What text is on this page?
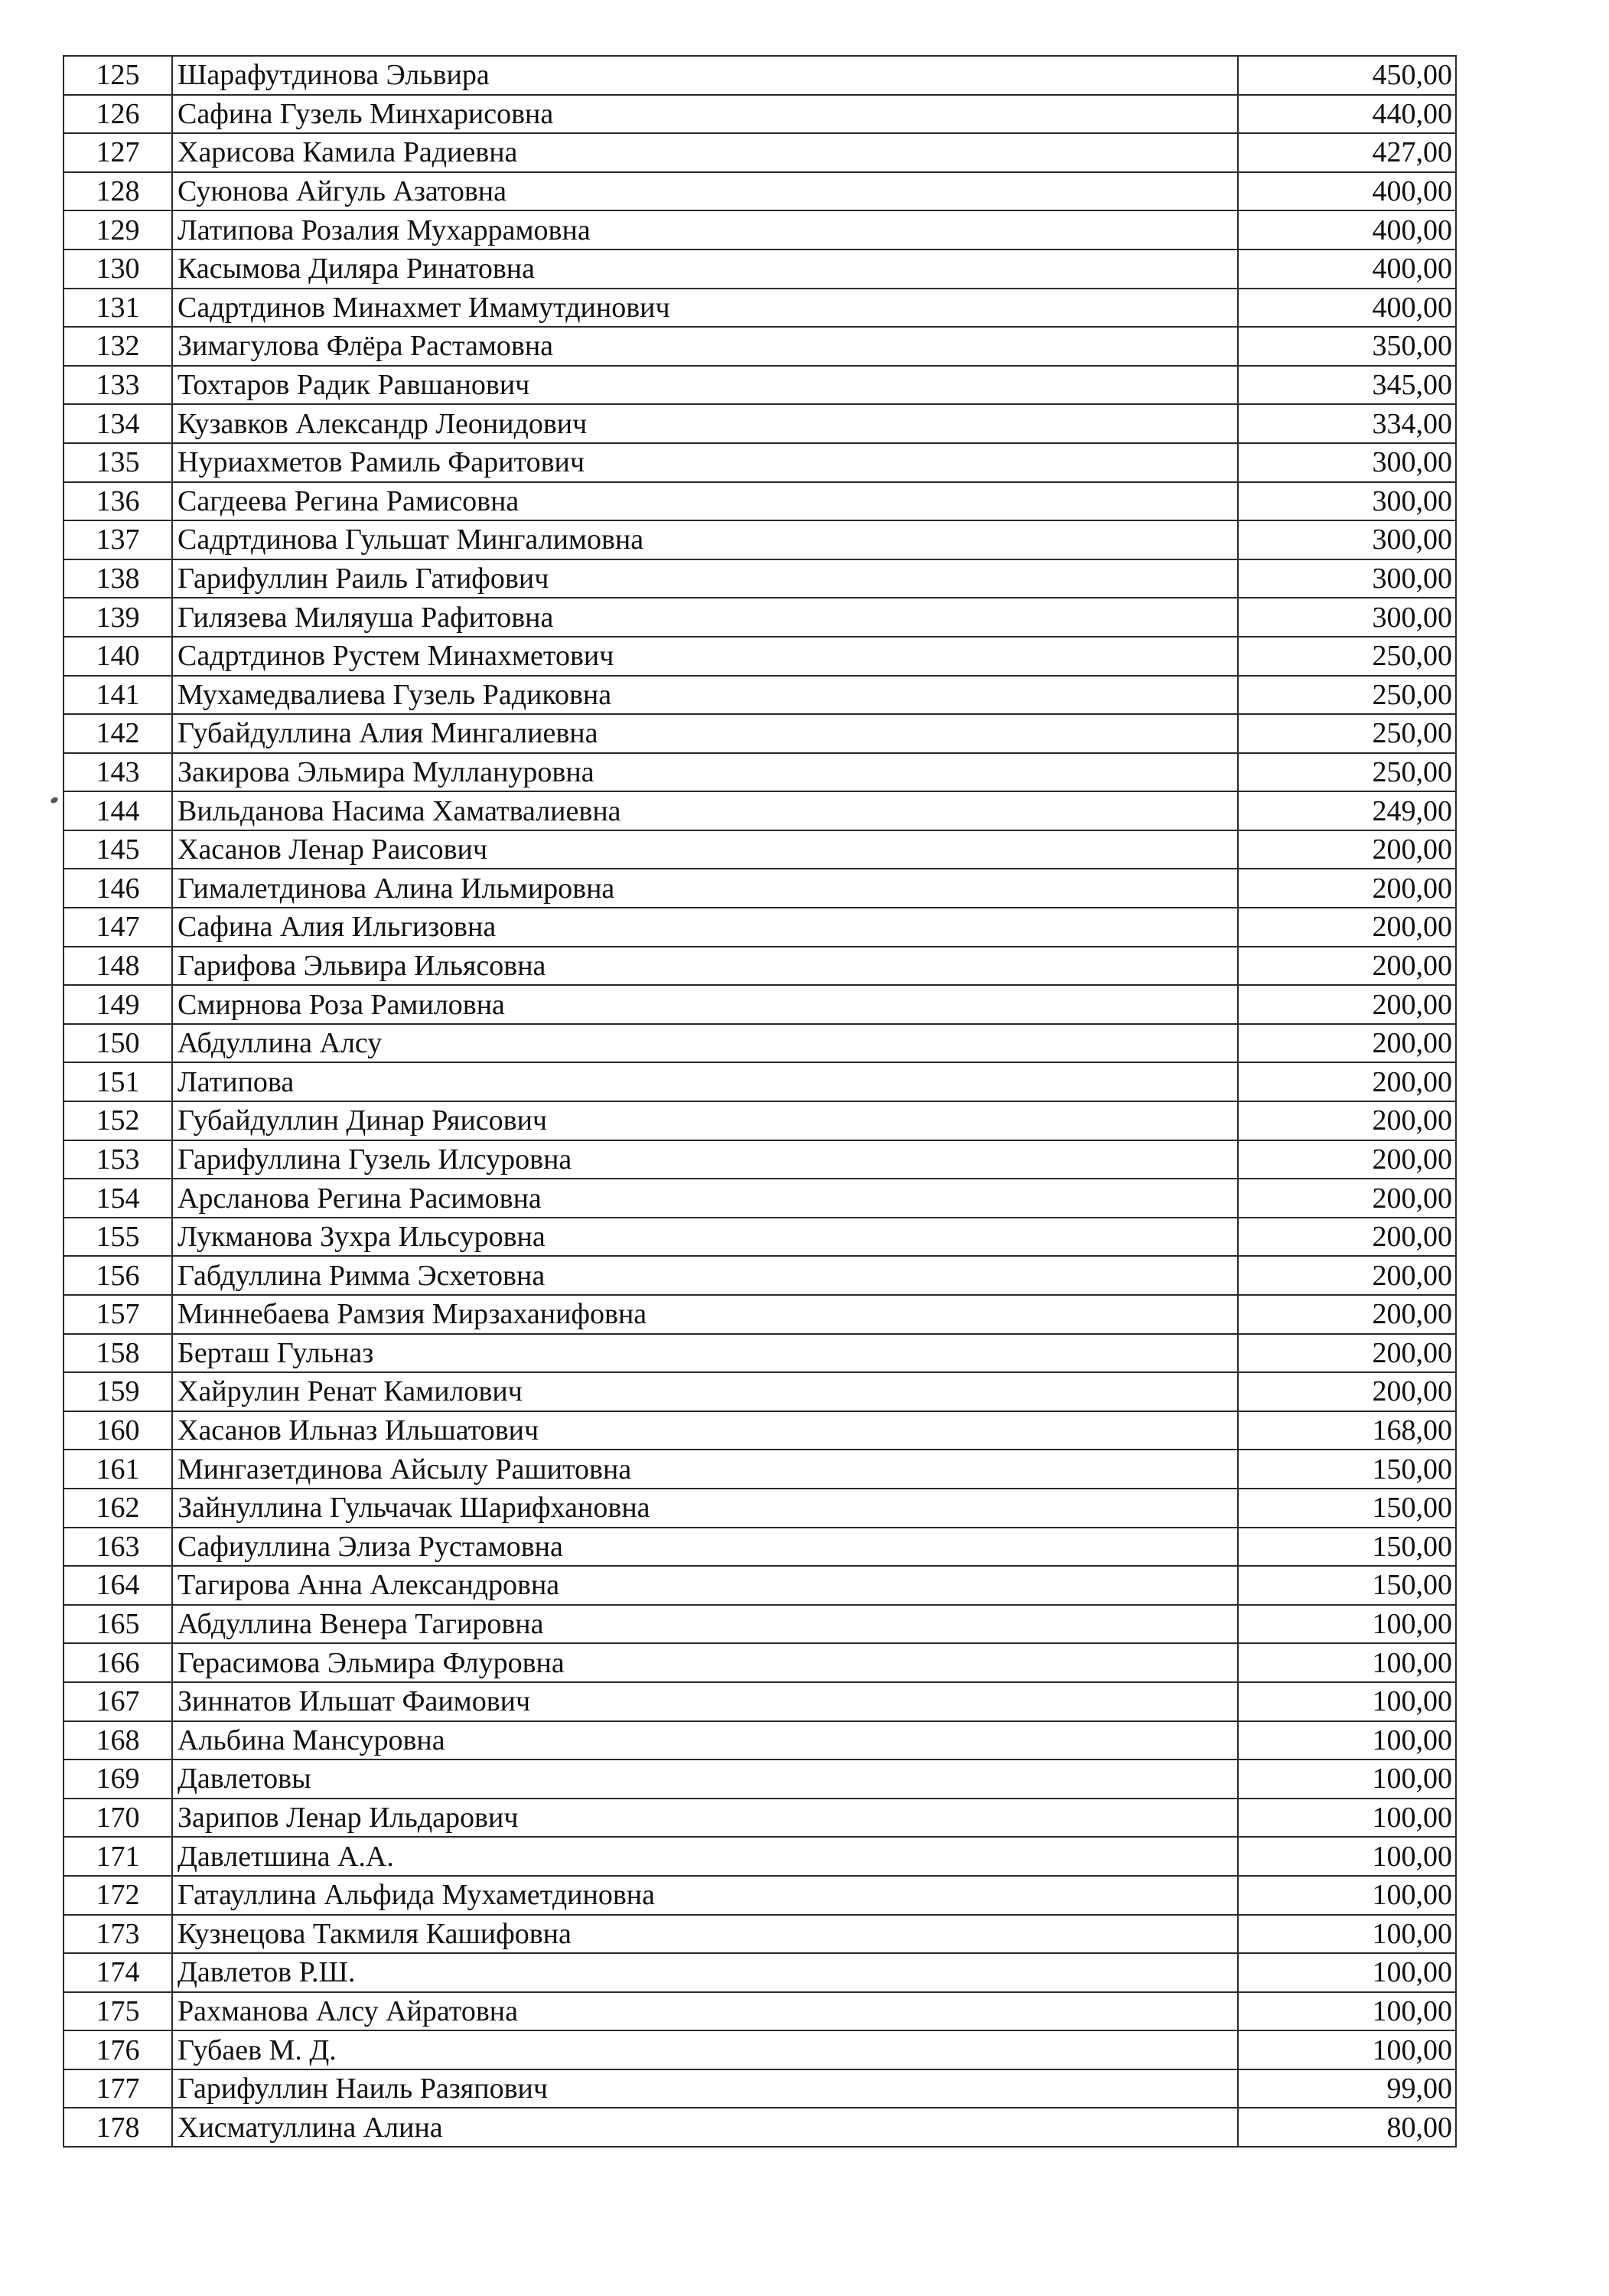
125	Шарафутдинова Эльвира	450,00
126	Сафина Гузель Минхарисовна	440,00
127	Харисова Камила Радиевна	427,00
128	Суюнова Айгуль Азатовна	400,00
129	Латипова Розалия Мухаррамовна	400,00
130	Касымова Диляра Ринатовна	400,00
131	Садртдинов Минахмет Имамутдинович	400,00
132	Зимагулова Флёра Растамовна	350,00
133	Тохтаров Радик Равшанович	345,00
134	Кузавков Александр Леонидович	334,00
135	Нуриахметов Рамиль Фаритович	300,00
136	Сагдеева Регина Рамисовна	300,00
137	Садртдинова Гульшат Мингалимовна	300,00
138	Гарифуллин Раиль Гатифович	300,00
139	Гилязева Миляуша Рафитовна	300,00
140	Садртдинов Рустем Минахметович	250,00
141	Мухамедвалиева Гузель Радиковна	250,00
142	Губайдуллина Алия Мингалиевна	250,00
143	Закирова Эльмира Муллануровна	250,00
144	Вильданова Насима Хаматвалиевна	249,00
145	Хасанов Ленар Раисович	200,00
146	Гималетдинова Алина Ильмировна	200,00
147	Сафина Алия Ильгизовна	200,00
148	Гарифова Эльвира Ильясовна	200,00
149	Смирнова Роза Рамиловна	200,00
150	Абдуллина Алсу	200,00
151	Латипова	200,00
152	Губайдуллин Динар Ряисович	200,00
153	Гарифуллина Гузель Илсуровна	200,00
154	Арсланова Регина Расимовна	200,00
155	Лукманова Зухра Ильсуровна	200,00
156	Габдуллина Римма Эсхетовна	200,00
157	Миннебаева Рамзия Мирзаханифовна	200,00
158	Берташ Гульназ	200,00
159	Хайрулин Ренат Камилович	200,00
160	Хасанов Ильназ Ильшатович	168,00
161	Мингазетдинова Айсылу Рашитовна	150,00
162	Зайнуллина Гульчачак Шарифхановна	150,00
163	Сафиуллина Элиза Рустамовна	150,00
164	Тагирова Анна Александровна	150,00
165	Абдуллина Венера Тагировна	100,00
166	Герасимова Эльмира Флуровна	100,00
167	Зиннатов Ильшат Фаимович	100,00
168	Альбина Мансуровна	100,00
169	Давлетовы	100,00
170	Зарипов Ленар Ильдарович	100,00
171	Давлетшина А.А.	100,00
172	Гатауллина Альфида Мухаметдиновна	100,00
173	Кузнецова Такмиля Кашифовна	100,00
174	Давлетов Р.Ш.	100,00
175	Рахманова Алсу Айратовна	100,00
176	Губаев М. Д.	100,00
177	Гарифуллин Наиль Разяпович	99,00
178	Хисматуллина Алина	80,00
